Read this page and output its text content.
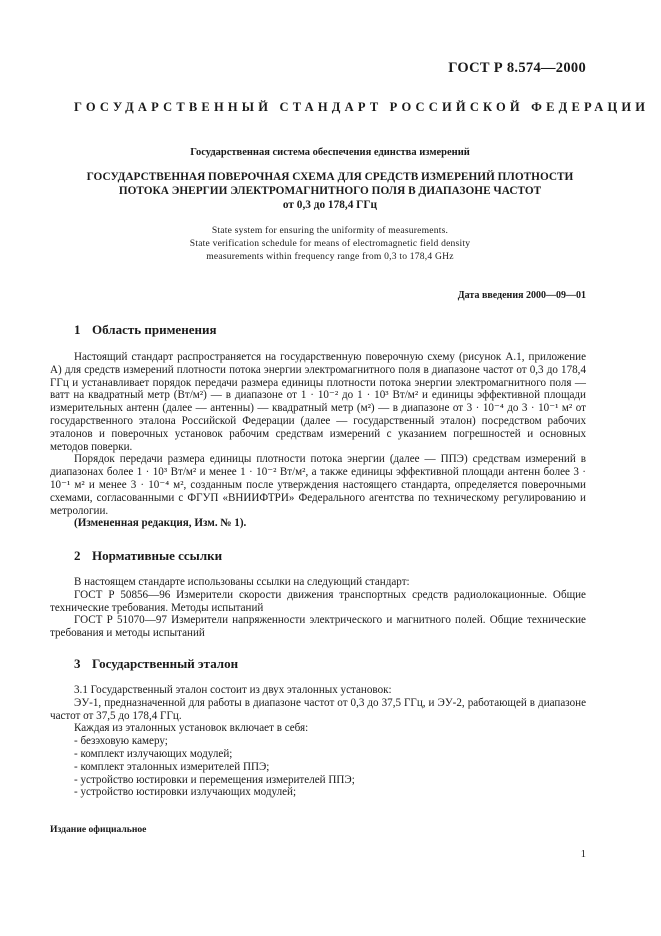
ГОСТ Р 8.574—2000
ГОСУДАРСТВЕННЫЙ СТАНДАРТ РОССИЙСКОЙ ФЕДЕРАЦИИ
Государственная система обеспечения единства измерений
ГОСУДАРСТВЕННАЯ ПОВЕРОЧНАЯ СХЕМА ДЛЯ СРЕДСТВ ИЗМЕРЕНИЙ ПЛОТНОСТИ
ПОТОКА ЭНЕРГИИ ЭЛЕКТРОМАГНИТНОГО ПОЛЯ В ДИАПАЗОНЕ ЧАСТОТ
от 0,3 до 178,4 ГГц
State system for ensuring the uniformity of measurements.
State verification schedule for means of electromagnetic field density
measurements within frequency range from 0,3 to 178,4 GHz
Дата введения 2000—09—01
1 Область применения

Настоящий стандарт распространяется на государственную поверочную схему (рисунок А.1, приложение А) для средств измерений плотности потока энергии электромагнитного поля в диапазоне частот от 0,3 до 178,4 ГГц и устанавливает порядок передачи размера единицы плотности потока энергии электромагнитного поля — ватт на квадратный метр (Вт/м²) — в диапазоне от 1 · 10⁻² до 1 · 10³ Вт/м² и единицы эффективной площади измерительных антенн (далее — антенны) — квадратный метр (м²) — в диапазоне от 3 · 10⁻⁴ до 3 · 10⁻¹ м² от государственного эталона Российской Федерации (далее — государственный эталон) посредством рабочих эталонов и поверочных установок рабочим средствам измерений с указанием погрешностей и основных методов поверки.

Порядок передачи размера единицы плотности потока энергии (далее — ППЭ) средствам измерений в диапазонах более 1 · 10³ Вт/м² и менее 1 · 10⁻² Вт/м², а также единицы эффективной площади антенн более 3 · 10⁻¹ м² и менее 3 · 10⁻⁴ м², созданным после утверждения настоящего стандарта, определяется поверочными схемами, согласованными с ФГУП «ВНИИФТРИ» Федерального агентства по техническому регулированию и метрологии.

(Измененная редакция, Изм. № 1).

2 Нормативные ссылки

В настоящем стандарте использованы ссылки на следующий стандарт:

ГОСТ Р 50856—96 Измерители скорости движения транспортных средств радиолокационные. Общие технические требования. Методы испытаний

ГОСТ Р 51070—97 Измерители напряженности электрического и магнитного полей. Общие технические требования и методы испытаний

3 Государственный эталон

3.1 Государственный эталон состоит из двух эталонных установок:

ЭУ-1, предназначенной для работы в диапазоне частот от 0,3 до 37,5 ГГц, и ЭУ-2, работающей в диапазоне частот от 37,5 до 178,4 ГГц.

Каждая из эталонных установок включает в себя:

- безэховую камеру;
- комплект излучающих модулей;
- комплект эталонных измерителей ППЭ;
- устройство юстировки и перемещения измерителей ППЭ;
- устройство юстировки излучающих модулей;
Издание официальное
1
